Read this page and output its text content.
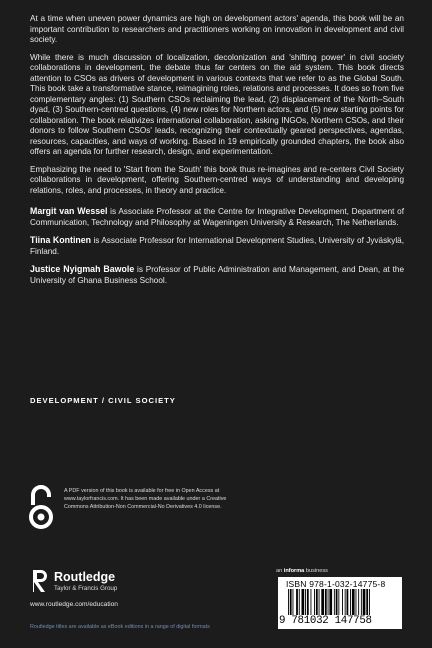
At a time when uneven power dynamics are high on development actors' agenda, this book will be an important contribution to researchers and practitioners working on innovation in development and civil society.

While there is much discussion of localization, decolonization and 'shifting power' in civil society collaborations in development, the debate thus far centers on the aid system. This book directs attention to CSOs as drivers of development in various contexts that we refer to as the Global South. This book take a transformative stance, reimagining roles, relations and processes. It does so from five complementary angles: (1) Southern CSOs reclaiming the lead, (2) displacement of the North–South dyad, (3) Southern-centred questions, (4) new roles for Northern actors, and (5) new starting points for collaboration. The book relativizes international collaboration, asking INGOs, Northern CSOs, and their donors to follow Southern CSOs' leads, recognizing their contextually geared perspectives, agendas, resources, capacities, and ways of working. Based in 19 empirically grounded chapters, the book also offers an agenda for further research, design, and experimentation.

Emphasizing the need to 'Start from the South' this book thus re-imagines and re-centers Civil Society collaborations in development, offering Southern-centred ways of understanding and developing relations, roles, and processes, in theory and practice.

Margit van Wessel is Associate Professor at the Centre for Integrative Development, Department of Communication, Technology and Philosophy at Wageningen University & Research, The Netherlands.

Tiina Kontinen is Associate Professor for International Development Studies, University of Jyväskylä, Finland.

Justice Nyigmah Bawole is Professor of Public Administration and Management, and Dean, at the University of Ghana Business School.

DEVELOPMENT / CIVIL SOCIETY
A PDF version of this book is available for free in Open Access at www.taylorfrancis.com. It has been made available under a Creative Commons Attribution-Non Commercial-No Derivatives 4.0 license.
Routledge
Taylor & Francis Group
www.routledge.com/education
Routledge titles are available as eBook editions in a range of digital formats
an informa business
ISBN 978-1-032-14775-8
9 781032 147758
